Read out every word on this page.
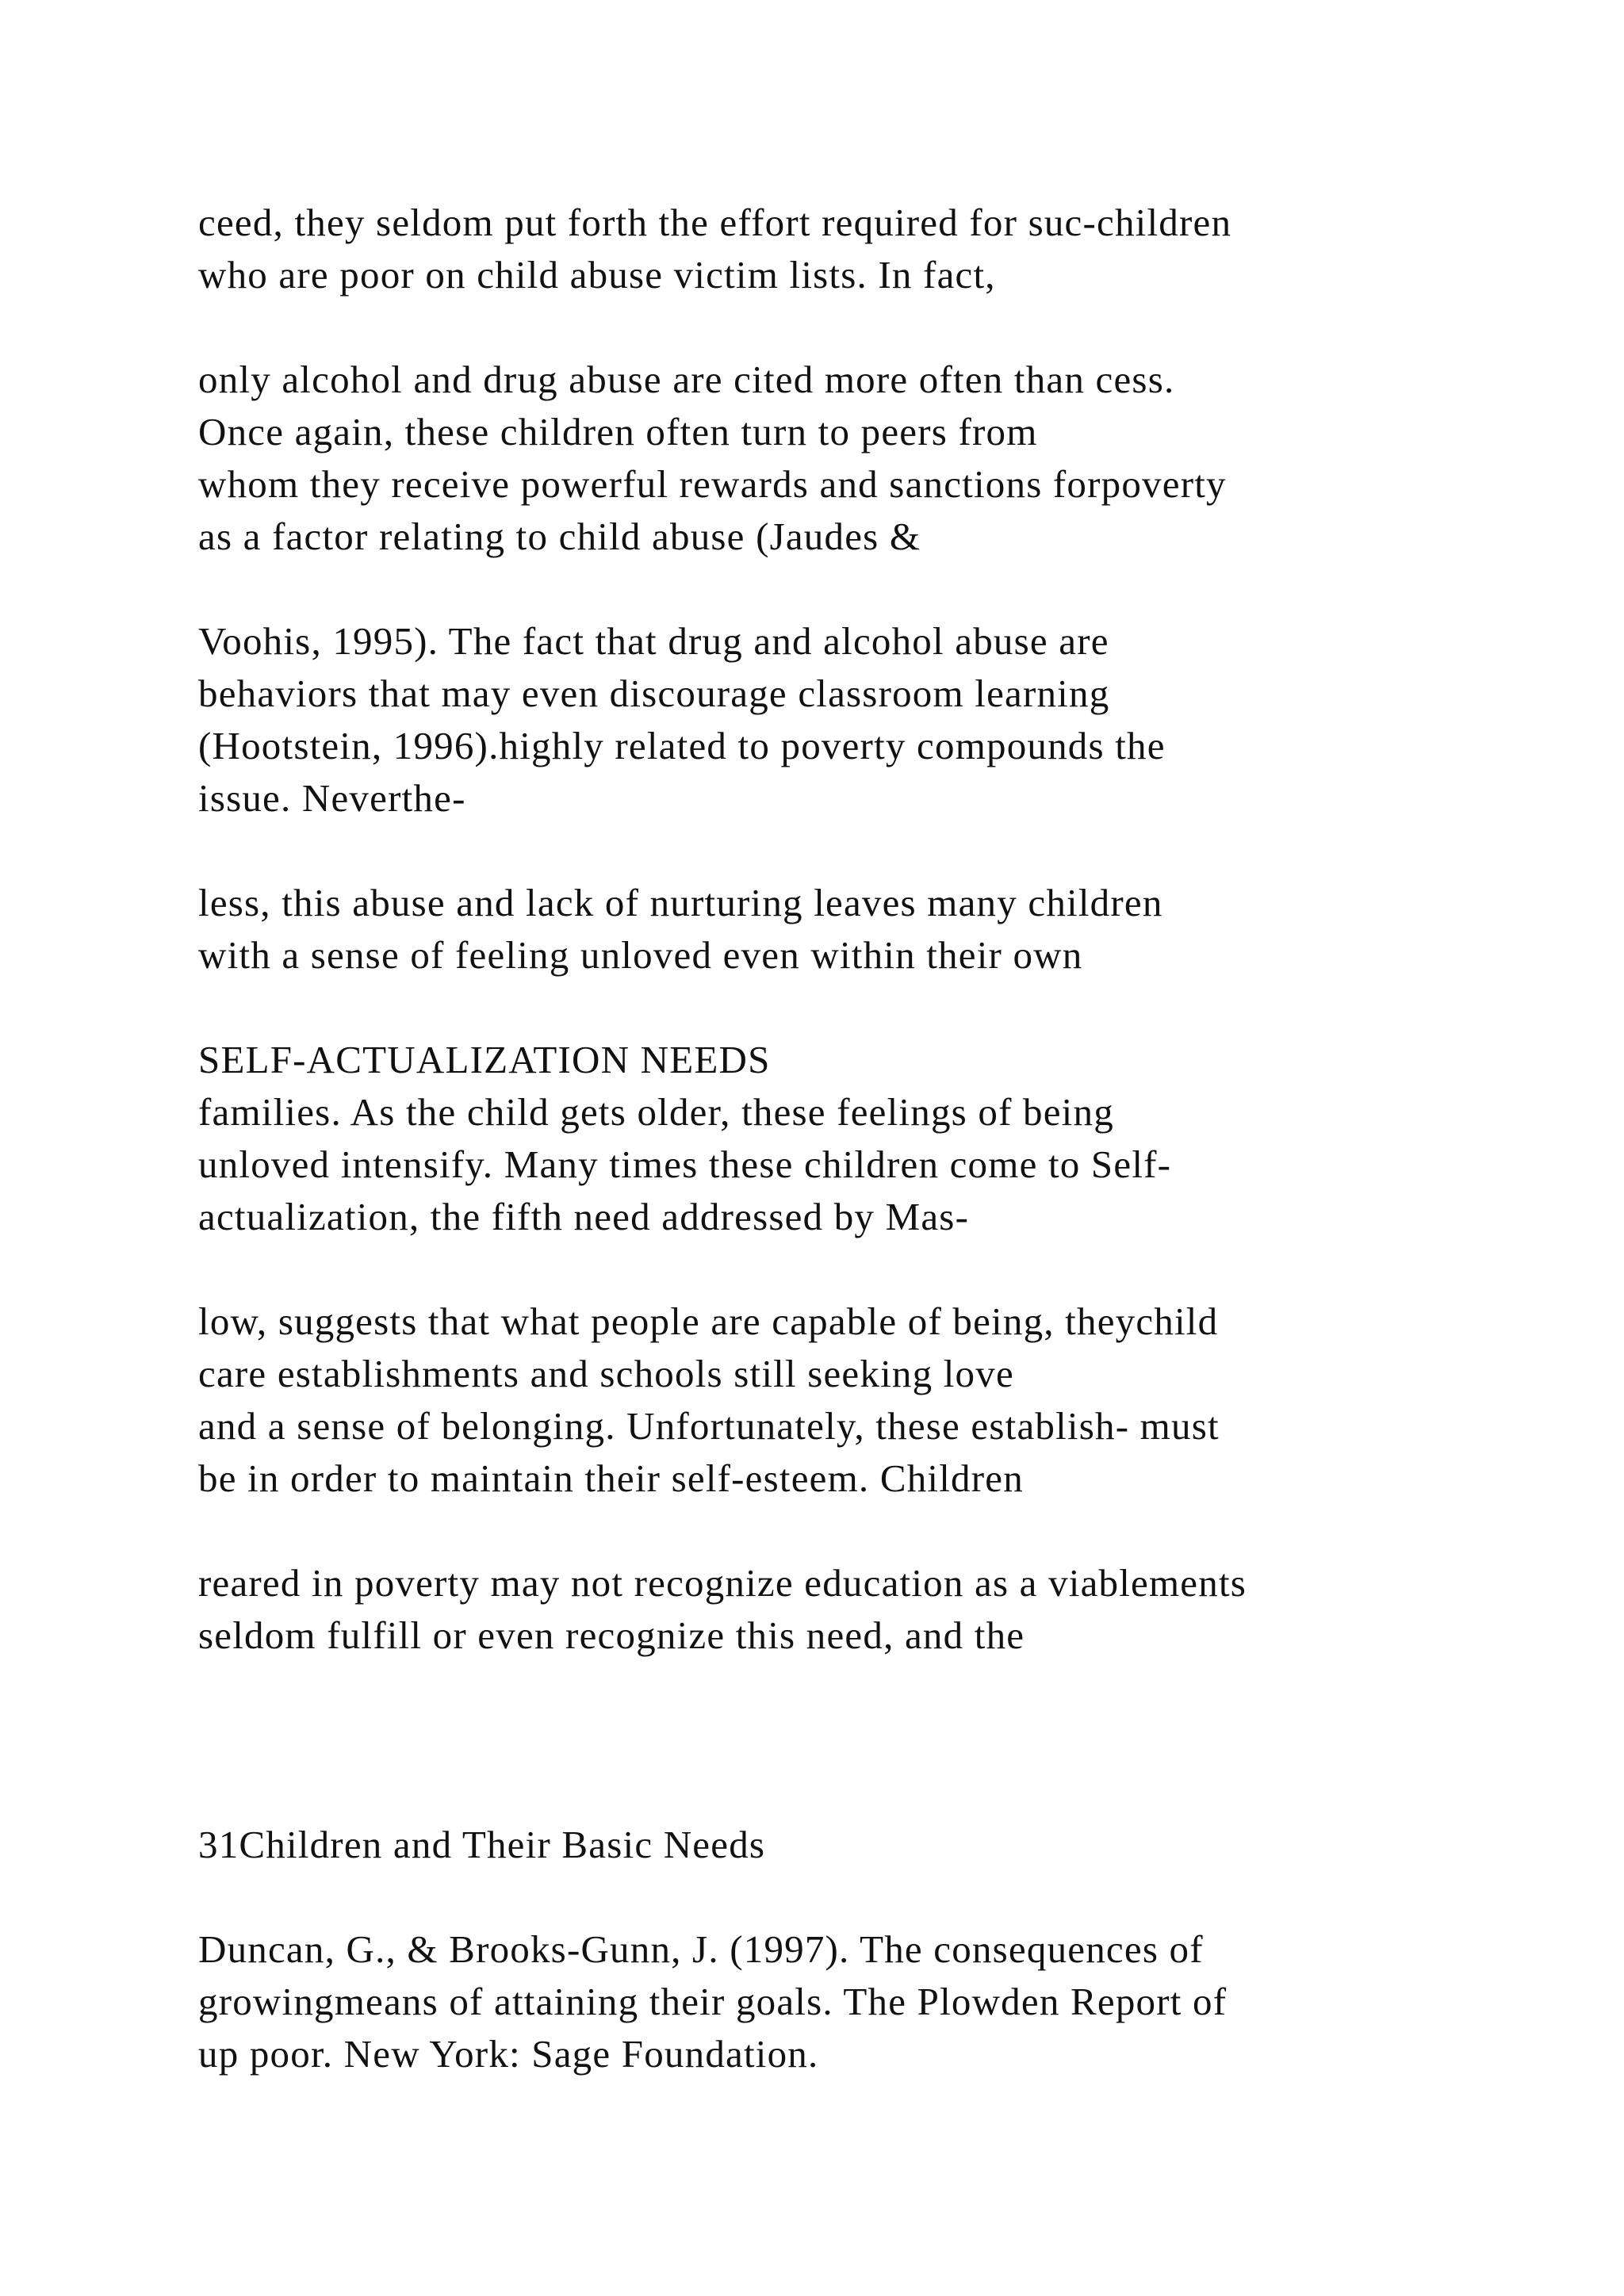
ceed, they seldom put forth the effort required for suc-children
who are poor on child abuse victim lists. In fact,
only alcohol and drug abuse are cited more often than cess.
Once again, these children often turn to peers from
whom they receive powerful rewards and sanctions forpoverty
as a factor relating to child abuse (Jaudes &
Voohis, 1995). The fact that drug and alcohol abuse are
behaviors that may even discourage classroom learning
(Hootstein, 1996).highly related to poverty compounds the
issue. Neverthe-
less, this abuse and lack of nurturing leaves many children
with a sense of feeling unloved even within their own
SELF-ACTUALIZATION NEEDS
families. As the child gets older, these feelings of being
unloved intensify. Many times these children come to Self-
actualization, the fifth need addressed by Mas-
low, suggests that what people are capable of being, theychild
care establishments and schools still seeking love
and a sense of belonging. Unfortunately, these establish- must
be in order to maintain their self-esteem. Children
reared in poverty may not recognize education as a viablements
seldom fulfill or even recognize this need, and the
31Children and Their Basic Needs
Duncan, G., & Brooks-Gunn, J. (1997). The consequences of
growingmeans of attaining their goals. The Plowden Report of
up poor. New York: Sage Foundation.
